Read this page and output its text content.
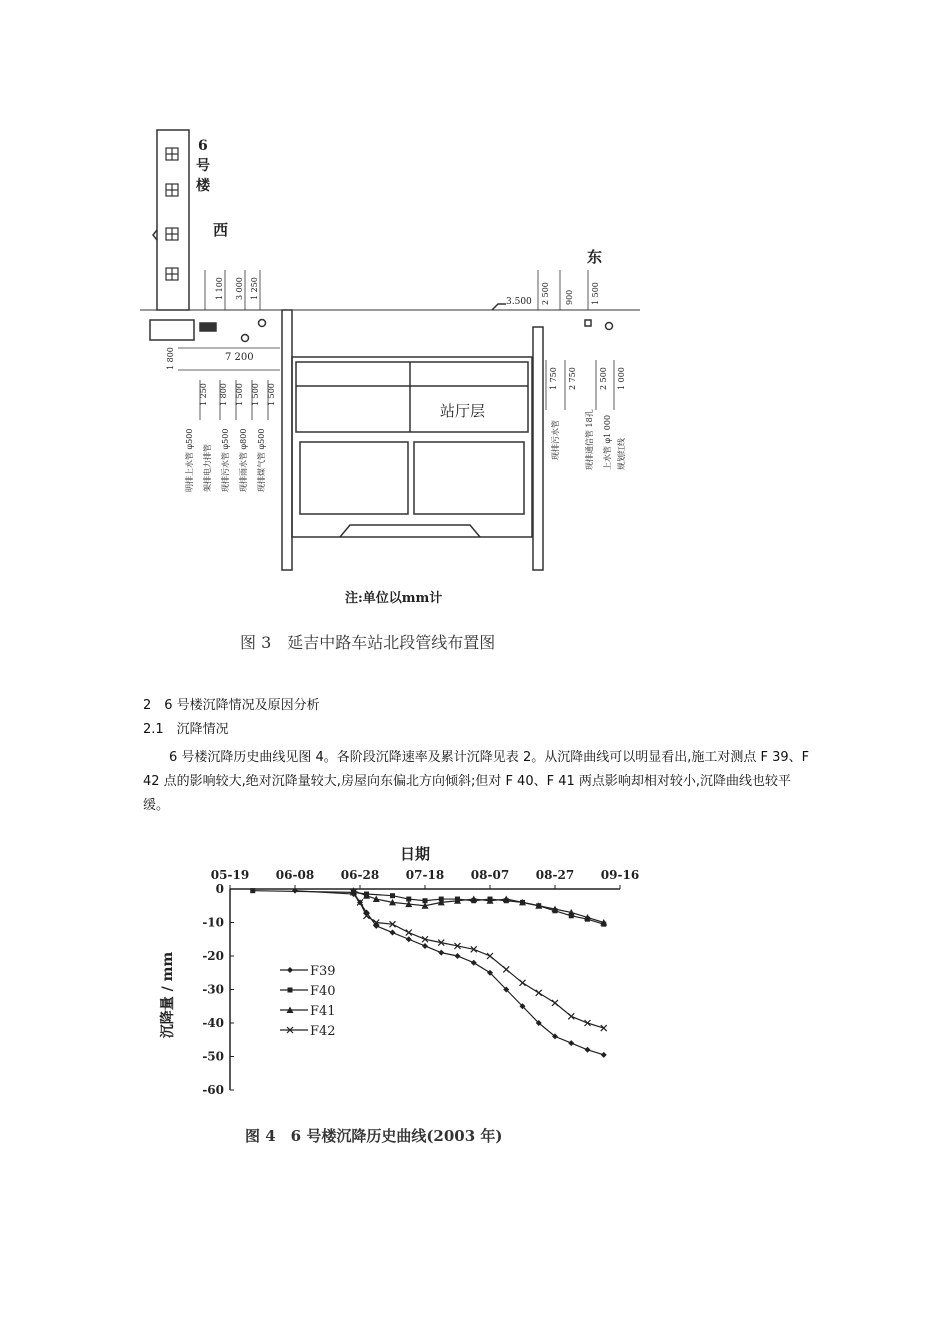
6
号
楼
西
东
3.500
站厅层
1 100 3 000 1 250
1 800	7 200
1 250 1 800 1 500 1 500 1 500
明排上水管 φ500 架排电力排管 现排污水管 φ500 现排雨水管 φ800 现排煤气管 φ500
2 500 900 1 500
1 750 2 750	2 500 1 000
现排污水管	现排通信管 18孔 上水管 φ1 000 规划红线
注:单位以mm计
图 3　延吉中路车站北段管线布置图
2　6 号楼沉降情况及原因分析
2.1　沉降情况
6 号楼沉降历史曲线见图 4。各阶段沉降速率及累计沉降见表 2。从沉降曲线可以明显看出,施工对测点 F 39、F 42 点的影响较大,绝对沉降量较大,房屋向东偏北方向倾斜;但对 F 40、F 41 两点影响却相对较小,沉降曲线也较平缓。
日期
沉降量 / mm
05-19 06-08 06-28 07-18 08-07 08-27 09-16
0
-10
-20
-30
-40
-50
-60
F39
F40
F41
F42
图 4　6 号楼沉降历史曲线(2003 年)
